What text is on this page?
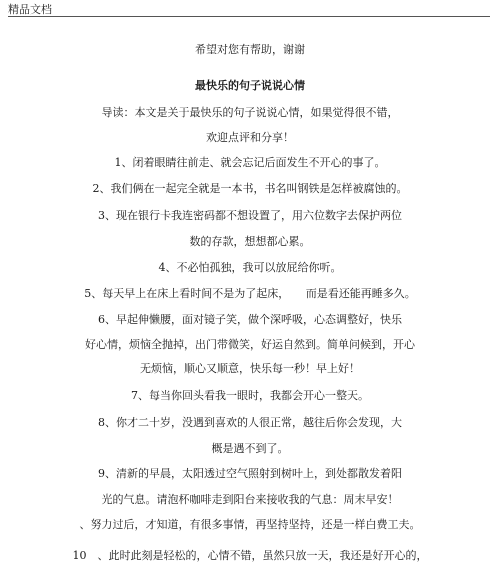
精品文档
希望对您有帮助，谢谢
最快乐的句子说说心情
导读：本文是关于最快乐的句子说说心情，如果觉得很不错，
欢迎点评和分享！
1、闭着眼睛往前走、就会忘记后面发生不开心的事了。
2、我们俩在一起完全就是一本书，书名叫钢铁是怎样被腐蚀的。
3、现在银行卡我连密码都不想设置了，用六位数字去保护两位
数的存款，想想都心累。
4、不必怕孤独，我可以放屁给你听。
5、每天早上在床上看时间不是为了起床，　　而是看还能再睡多久。
6、早起伸懒腰，面对镜子笑，做个深呼吸，心态调整好，快乐
好心情，烦恼全抛掉，出门带微笑，好运自然到。简单问候到，开心
无烦恼，顺心又顺意，快乐每一秒！早上好！
7、每当你回头看我一眼时，我都会开心一整天。
8、你才二十岁，没遇到喜欢的人很正常，越往后你会发现，大
概是遇不到了。
9、清新的早晨，太阳透过空气照射到树叶上，到处都散发着阳
光的气息。请泡杯咖啡走到阳台来接收我的气息：周末早安！
、努力过后，才知道，有很多事情，再坚持坚持，还是一样白费工夫。
10　、此时此刻是轻松的，心情不错，虽然只放一天，我还是好开心的，
